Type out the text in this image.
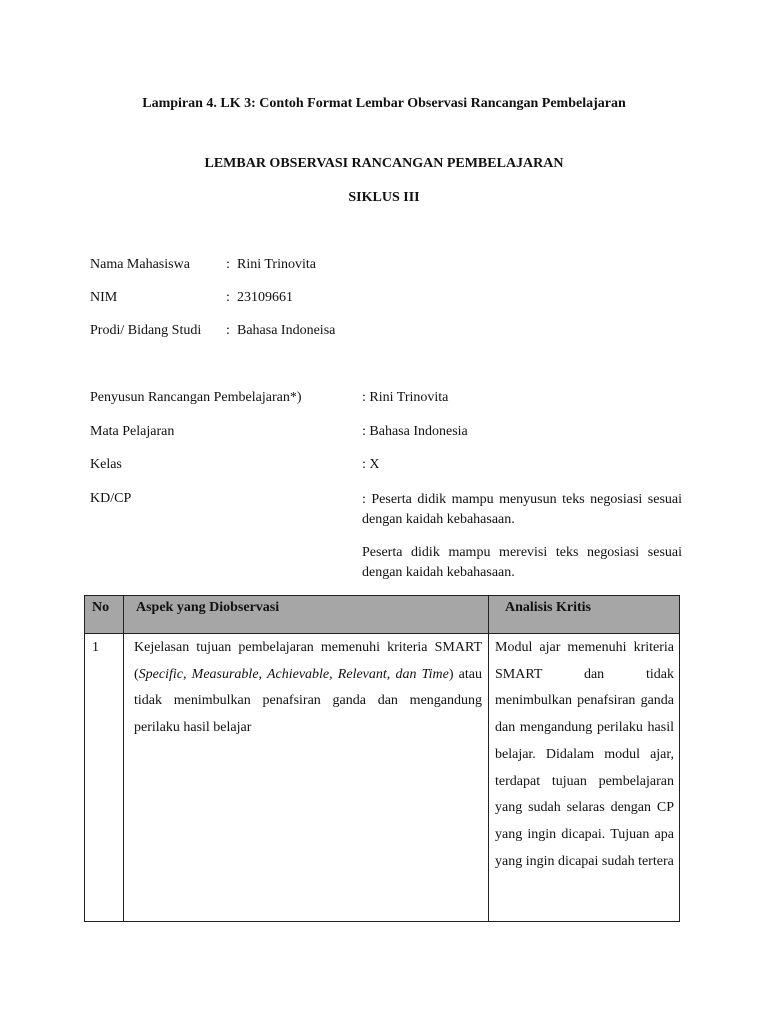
Lampiran 4. LK 3: Contoh Format Lembar Observasi Rancangan Pembelajaran
LEMBAR OBSERVASI RANCANGAN PEMBELAJARAN
SIKLUS III
Nama Mahasiswa	: Rini Trinovita
NIM	: 23109661
Prodi/ Bidang Studi : Bahasa Indoneisa
Penyusun Rancangan Pembelajaran*)	: Rini Trinovita
Mata Pelajaran	: Bahasa Indonesia
Kelas	: X
KD/CP	: Peserta didik mampu menyusun teks negosiasi sesuai dengan kaidah kebahasaan.
Peserta didik mampu merevisi teks negosiasi sesuai dengan kaidah kebahasaan.
No	Aspek yang Diobservasi	Analisis Kritis

1	Kejelasan tujuan pembelajaran memenuhi kriteria SMART (Specific, Measurable, Achievable, Relevant, dan Time) atau tidak menimbulkan penafsiran ganda dan mengandung perilaku hasil belajar	Modul ajar memenuhi kriteria SMART dan tidak menimbulkan penafsiran ganda dan mengandung perilaku hasil belajar. Didalam modul ajar, terdapat tujuan pembelajaran yang sudah selaras dengan CP yang ingin dicapai. Tujuan apa yang ingin dicapai sudah tertera
